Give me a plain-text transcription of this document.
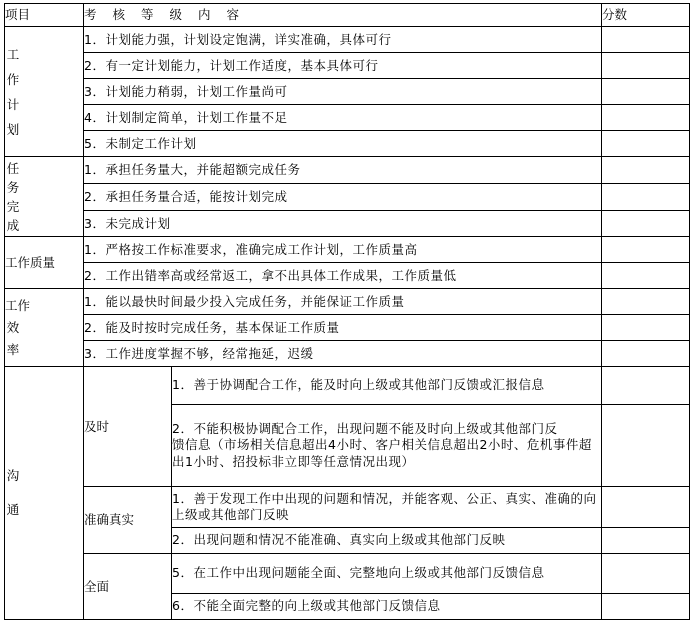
项目	考核等级内容		分数
工
作
计
划	1．计划能力强，计划设定饱满，详实准确，具体可行		
	2．有一定计划能力，计划工作适度，基本具体可行		
	3．计划能力稍弱，计划工作量尚可		
	4．计划制定简单，计划工作量不足		
	5．未制定工作计划		
任
务
完
成	1．承担任务量大，并能超额完成任务		
	2．承担任务量合适，能按计划完成		
	3．未完成计划		
工作质量	1．严格按工作标准要求，准确完成工作计划，工作质量高		
	2．工作出错率高或经常返工，拿不出具体工作成果，工作质量低		
工作
效
率	1．能以最快时间最少投入完成任务，并能保证工作质量		
	2．能及时按时完成任务，基本保证工作质量		
	3．工作进度掌握不够，经常拖延，迟缓		
沟
通	及时	1．善于协调配合工作，能及时向上级或其他部门反馈或汇报信息	
		2．不能积极协调配合工作，出现问题不能及时向上级或其他部门反
馈信息（市场相关信息超出4小时、客户相关信息超出2小时、危机事件超出1小时、招投标非立即等任意情况出现）	
	准确真实	1．善于发现工作中出现的问题和情况，并能客观、公正、真实、准确的向上级或其他部门反映	
		2．出现问题和情况不能准确、真实向上级或其他部门反映	
	全面	5．在工作中出现问题能全面、完整地向上级或其他部门反馈信息	
		6．不能全面完整的向上级或其他部门反馈信息	
